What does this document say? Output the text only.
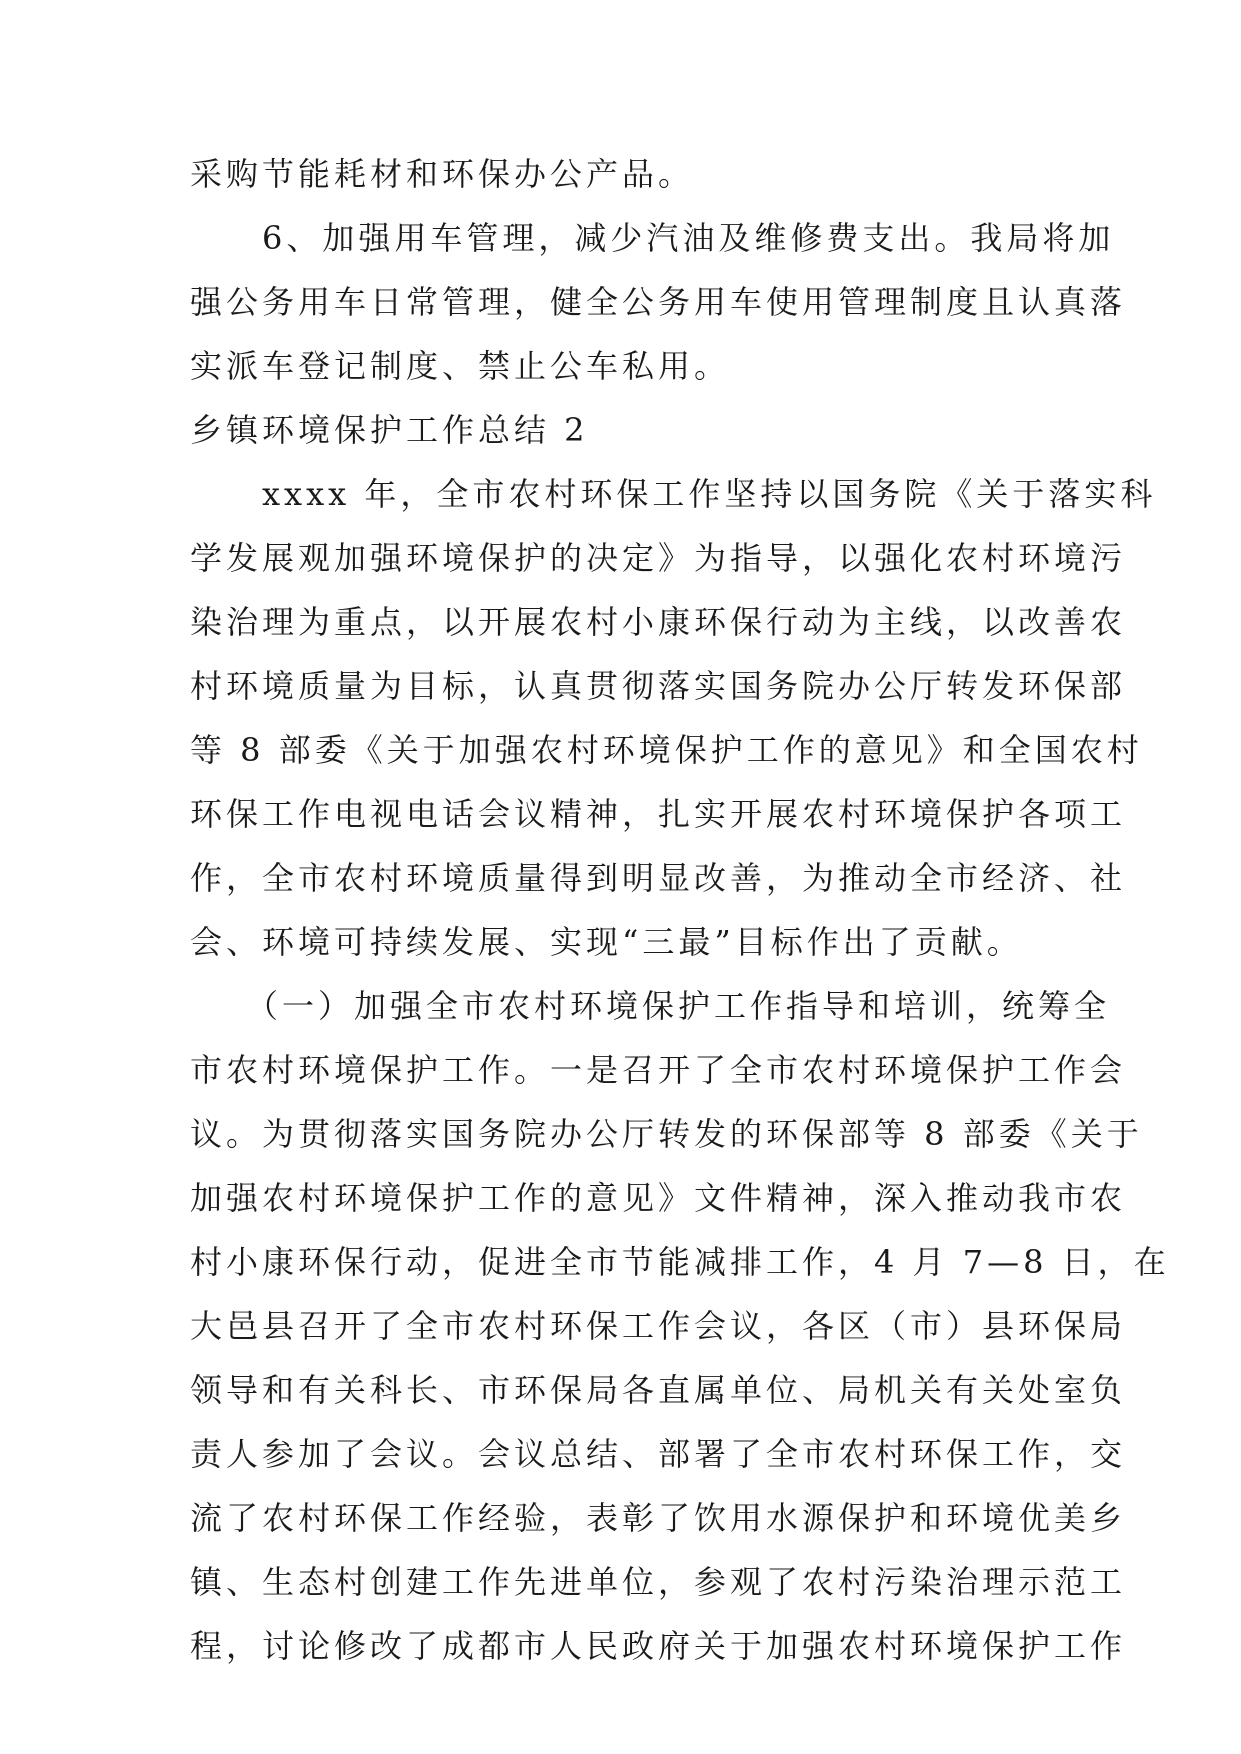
采购节能耗材和环保办公产品。
　　6、加强用车管理，减少汽油及维修费支出。我局将加
强公务用车日常管理，健全公务用车使用管理制度且认真落
实派车登记制度、禁止公车私用。
乡镇环境保护工作总结 2
　　xxxx 年，全市农村环保工作坚持以国务院《关于落实科
学发展观加强环境保护的决定》为指导，以强化农村环境污
染治理为重点，以开展农村小康环保行动为主线，以改善农
村环境质量为目标，认真贯彻落实国务院办公厅转发环保部
等 8 部委《关于加强农村环境保护工作的意见》和全国农村
环保工作电视电话会议精神，扎实开展农村环境保护各项工
作，全市农村环境质量得到明显改善，为推动全市经济、社
会、环境可持续发展、实现“三最”目标作出了贡献。
　　（一）加强全市农村环境保护工作指导和培训，统筹全
市农村环境保护工作。一是召开了全市农村环境保护工作会
议。为贯彻落实国务院办公厅转发的环保部等 8 部委《关于
加强农村环境保护工作的意见》文件精神，深入推动我市农
村小康环保行动，促进全市节能减排工作，4 月 7—8 日，在
大邑县召开了全市农村环保工作会议，各区（市）县环保局
领导和有关科长、市环保局各直属单位、局机关有关处室负
责人参加了会议。会议总结、部署了全市农村环保工作，交
流了农村环保工作经验，表彰了饮用水源保护和环境优美乡
镇、生态村创建工作先进单位，参观了农村污染治理示范工
程，讨论修改了成都市人民政府关于加强农村环境保护工作
